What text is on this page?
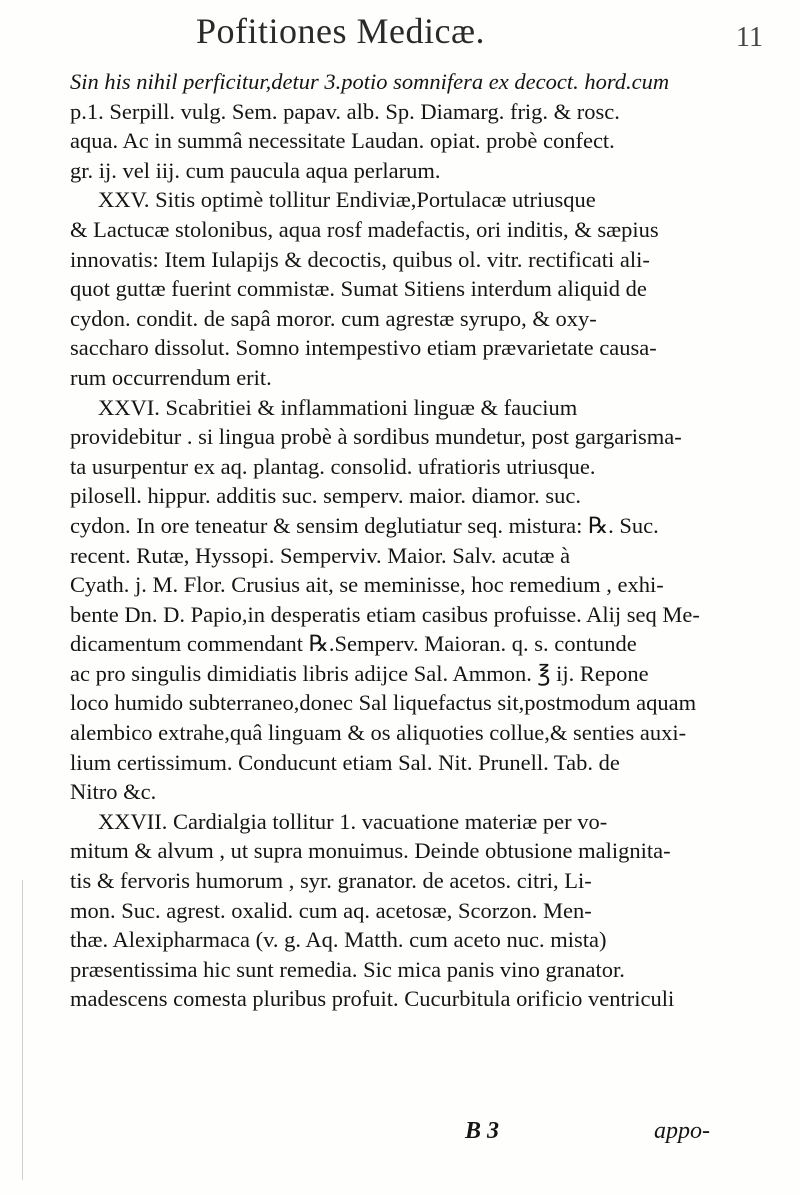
Pofitiones Medicæ.	11
Sin his nihil perficitur,detur 3.potio somnifera ex decoct. hord.cum
p.1. Serpill. vulg. Sem. papav. alb. Sp. Diamarg. frig. & rosc.
aqua. Ac in summâ necessitate Laudan. opiat. probè confect.
gr. ij. vel iij. cum paucula aqua perlarum.
XXV. Sitis optimè tollitur Endiviæ,Portulacæ utriusque
& Lactucæ stolonibus, aqua rosf madefactis, ori inditis, & sæpius
innovatis: Item Iulapijs & decoctis, quibus ol. vitr. rectificati ali-
quot guttæ fuerint commistæ. Sumat Sitiens interdum aliquid de
cydon. condit. de sapâ moror. cum agrestæ syrupo, & oxy-
saccharo dissolut. Somno intempestivo etiam prævarietate causa-
rum occurrendum erit.
XXVI. Scabritiei & inflammationi linguæ & faucium
providebitur . si lingua probè à sordibus mundetur, post gargarisma-
ta usurpentur ex aq. plantag. consolid. ufratioris utriusque.
pilosell. hippur. additis suc. semperv. maior. diamor. suc.
cydon. In ore teneatur & sensim deglutiatur seq. mistura: ℞. Suc.
recent. Rutæ, Hyssopi. Semperviv. Maior. Salv. acutæ à
Cyath. j. M. Flor. Crusius ait, se meminisse, hoc remedium , exhi-
bente Dn. D. Papio,in desperatis etiam casibus profuisse. Alij seq Me-
dicamentum commendant ℞.Semperv. Maioran. q. s. contunde
ac pro singulis dimidiatis libris adijce Sal. Ammon. ℥ ij. Repone
loco humido subterraneo,donec Sal liquefactus sit,postmodum aquam
alembico extrahe,quâ linguam & os aliquoties collue,& senties auxi-
lium certissimum. Conducunt etiam Sal. Nit. Prunell. Tab. de
Nitro &c.
XXVII. Cardialgia tollitur 1. vacuatione materiæ per vo-
mitum & alvum , ut supra monuimus. Deinde obtusione malignita-
tis & fervoris humorum , syr. granator. de acetos. citri, Li-
mon. Suc. agrest. oxalid. cum aq. acetosæ, Scorzon. Men-
thæ. Alexipharmaca (v. g. Aq. Matth. cum aceto nuc. mista)
præsentissima hic sunt remedia. Sic mica panis vino granator.
madescens comesta pluribus profuit. Cucurbitula orificio ventriculi
B 3	appo-
